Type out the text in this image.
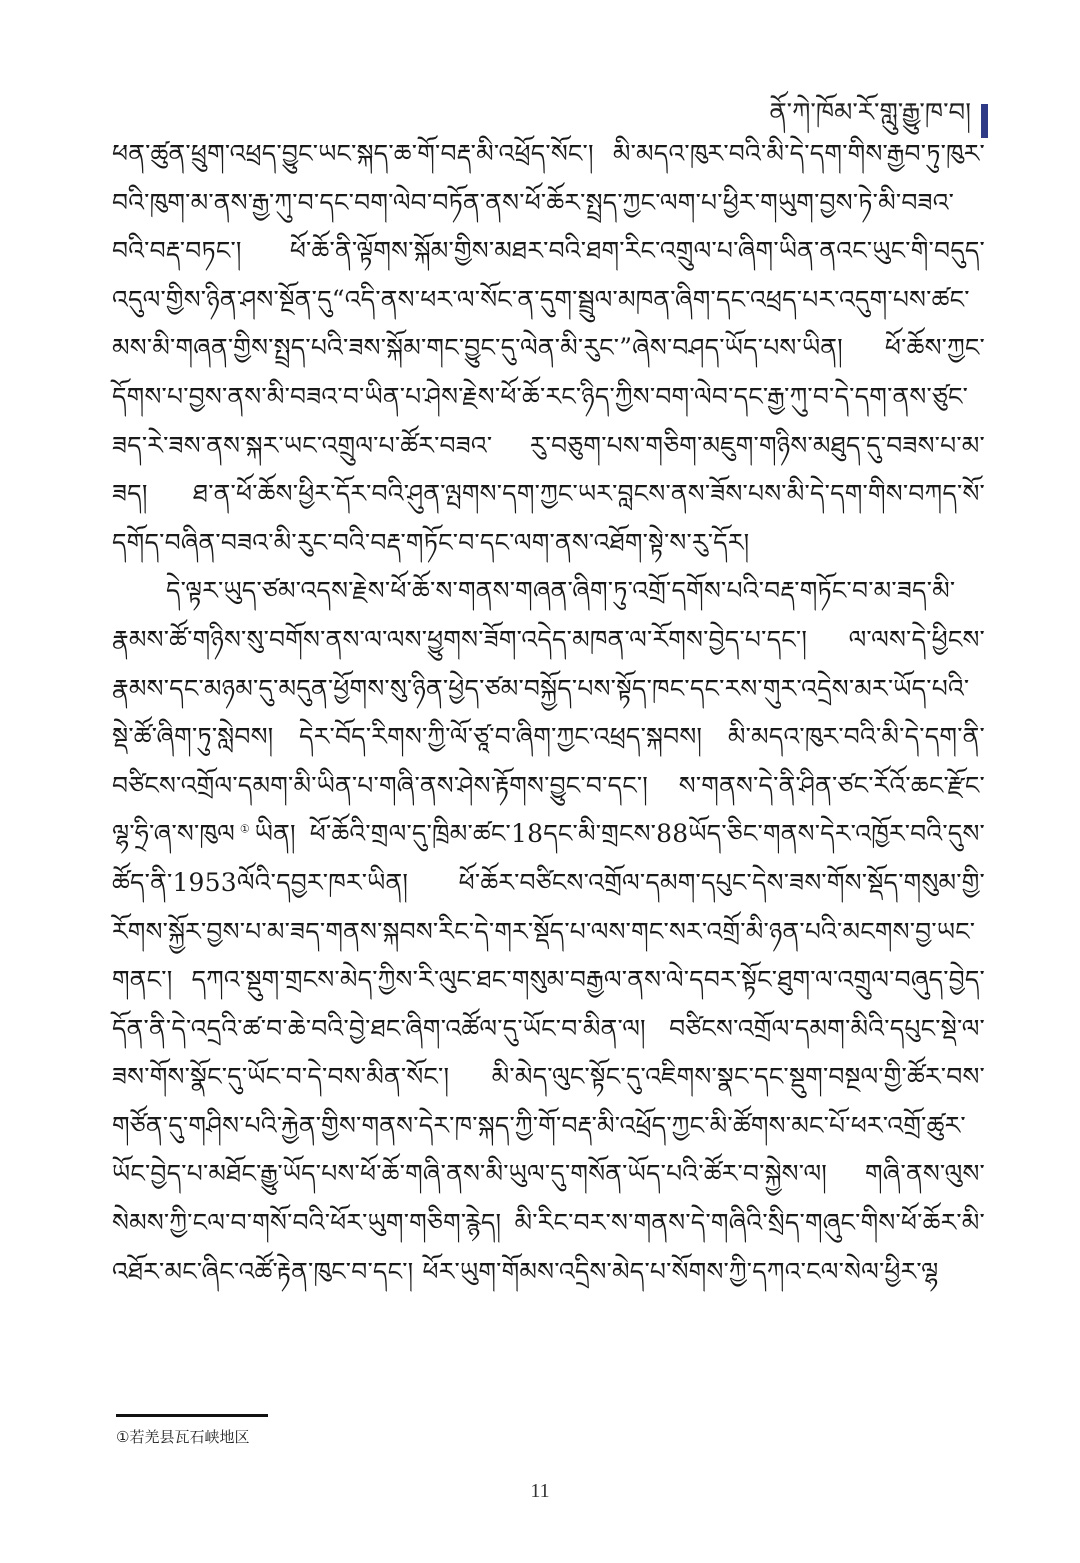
ནོ་ཀེ་ཁོམ་རོ་གླུ་རྒྱུ་ཁ་བ།

ཕན་ཚུན་ཕྲུག་འཕྲད་བྱུང་ཡང་སྐད་ཆ་གོ་བརྡ་མི་འཕྲོད་སོང་། མི་མདའ་ཁུར་བའི་མི་དེ་དག་གིས་རྒྱབ་ཏུ་ཁུར་བའི་ཁུག་མ་ནས་རྒྱ་ཀུ་བ་དང་བག་ལེབ་བཏོན་ནས་ཕོ་ཆོར་སྤྲད་ཀྱང་ལག་པ་ཕྱིར་གཡུག་བྱས་ཏེ་མི་བཟའ་བའི་བརྡ་བཏང་། ཕོ་ཆོ་ནི་ལྟོགས་སྐོམ་གྱིས་མཐར་བའི་ཐག་རིང་འགྲུལ་པ་ཞིག་ཡིན་ནའང་ཡུང་གི་བདུད་འདུལ་གྱིས་ཉིན་ཤས་སྔོན་དུ“འདི་ནས་ཕར་ལ་སོང་ན་དུག་སྦྲུལ་མཁན་ཞིག་དང་འཕྲད་པར་འདུག་པས་ཚང་མས་མི་གཞན་གྱིས་སྤྲད་པའི་ཟས་སྐོམ་གང་བྱུང་དུ་ལེན་མི་རུང་”ཞེས་བཤད་ཡོད་པས་ཡིན། ཕོ་ཆོས་ཀྱང་དོགས་པ་བྱས་ནས་མི་བཟའ་བ་ཡིན་པ་ཤེས་རྗེས་ཕོ་ཆོ་རང་ཉིད་ཀྱིས་བག་ལེབ་དང་རྒྱ་ཀུ་བ་དེ་དག་ནས་ཙུང་ཟད་རེ་ཟས་ནས་སྐར་ཡང་འགྲུལ་པ་ཚོར་བཟའ་ རུ་བཅུག་པས་གཅིག་མཇུག་གཉིས་མཐུད་དུ་བཟས་པ་མ་ཟད། ཐ་ན་ཕོ་ཆོས་ཕྱིར་དོར་བའི་ཤུན་ལྤགས་དག་ཀྱང་ཡར་བླངས་ནས་ཟོས་པས་མི་དེ་དག་གིས་བཀད་སོ་དགོད་བཞིན་བཟའ་མི་རུང་བའི་བརྡ་གཏོང་བ་དང་ལག་ནས་འཐོག་སྟེ་ས་རུ་དོར།

དེ་ལྟར་ཡུད་ཙམ་འདས་རྗེས་ཕོ་ཆོ་ས་གནས་གཞན་ཞིག་ཏུ་འགྲོ་དགོས་པའི་བརྡ་གཏོང་བ་མ་ཟད་མི་རྣམས་ཚོ་གཉིས་སུ་བགོས་ནས་ལ་ལས་ཕྱུགས་ཟོག་འདེད་མཁན་ལ་རོགས་བྱེད་པ་དང་། ལ་ལས་དེ་ཕྱིངས་རྣམས་དང་མཉམ་དུ་མདུན་ཕྱོགས་སུ་ཉིན་ཕྱེད་ཙམ་བསྐྱོད་པས་སྟོད་ཁང་དང་རས་གུར་འདྲེས་མར་ཡོད་པའི་སྡེ་ཚོ་ཞིག་ཏུ་སླེབས། དེར་བོད་རིགས་ཀྱི་ལོ་ཙཱ་བ་ཞིག་ཀྱང་འཕྲད་སྐབས། མི་མདའ་ཁུར་བའི་མི་དེ་དག་ནི་བཙིངས་འགྲོལ་དམག་མི་ཡིན་པ་གཞི་ནས་ཤེས་རྟོགས་བྱུང་བ་དང་། ས་གནས་དེ་ནི་ཤིན་ཙང་རོའོ་ཆང་རྫོང་ལྷ་ཧྲི་ཞ་ས་ཁུལ①ཡིན། ཕོ་ཆོའི་གྲལ་དུ་ཁྲིམ་ཚང་18དང་མི་གྲངས་88ཡོད་ཅིང་གནས་དེར་འཁྱོར་བའི་དུས་ཚོད་ནི་1953ལོའི་དབྱར་ཁར་ཡིན། ཕོ་ཆོར་བཙིངས་འགྲོལ་དམག་དཔུང་དེས་ཟས་གོས་སྡོད་གསུམ་གྱི་རོགས་སྐྱོར་བྱས་པ་མ་ཟད་གནས་སྐབས་རིང་དེ་གར་སྡོད་པ་ལས་གང་སར་འགྲོ་མི་ཉན་པའི་མངགས་བྱ་ཡང་གནང་། དཀའ་སྡུག་གྲངས་མེད་ཀྱིས་རི་ལུང་ཐང་གསུམ་བརྒྱལ་ནས་ལེ་དབར་སྟོང་ཐུག་ལ་འགྲུལ་བཞུད་བྱེད་དོན་ནི་དེ་འདྲའི་ཚ་བ་ཆེ་བའི་བྱེ་ཐང་ཞིག་འཚོལ་དུ་ཡོང་བ་མིན་ལ། བཙིངས་འགྲོལ་དམག་མིའི་དཔུང་སྡེ་ལ་ཟས་གོས་སྣོང་དུ་ཡོང་བ་དེ་བས་མིན་སོང་། མི་མེད་ལུང་སྟོང་དུ་འཇིགས་སྣང་དང་སྡུག་བསྔལ་གྱི་ཚོར་བས་གཙོན་དུ་གཤིས་པའི་རྐྱེན་གྱིས་གནས་དེར་ཁ་སྐད་ཀྱི་གོ་བརྡ་མི་འཕྲོད་ཀྱང་མི་ཚོགས་མང་པོ་ཕར་འགྲོ་ཚུར་ཡོང་བྱེད་པ་མཐོང་རྒྱུ་ཡོད་པས་ཕོ་ཆོ་གཞི་ནས་མི་ཡུལ་དུ་གསོན་ཡོད་པའི་ཚོར་བ་སྐྱེས་ལ། གཞི་ནས་ལུས་སེམས་ཀྱི་ངལ་བ་གསོ་བའི་ཕོར་ཡུག་གཅིག་རྙེད། མི་རིང་བར་ས་གནས་དེ་གཞིའི་སྲིད་གཞུང་གིས་ཕོ་ཆོར་མི་འཐོར་མང་ཞིང་འཚོ་རྟེན་ཁུང་བ་དང་། ཕོར་ཡུག་གོམས་འདྲིས་མེད་པ་སོགས་ཀྱི་དཀའ་ངལ་སེལ་ཕྱིར་ལྷ

①若羌县瓦石峡地区
11
